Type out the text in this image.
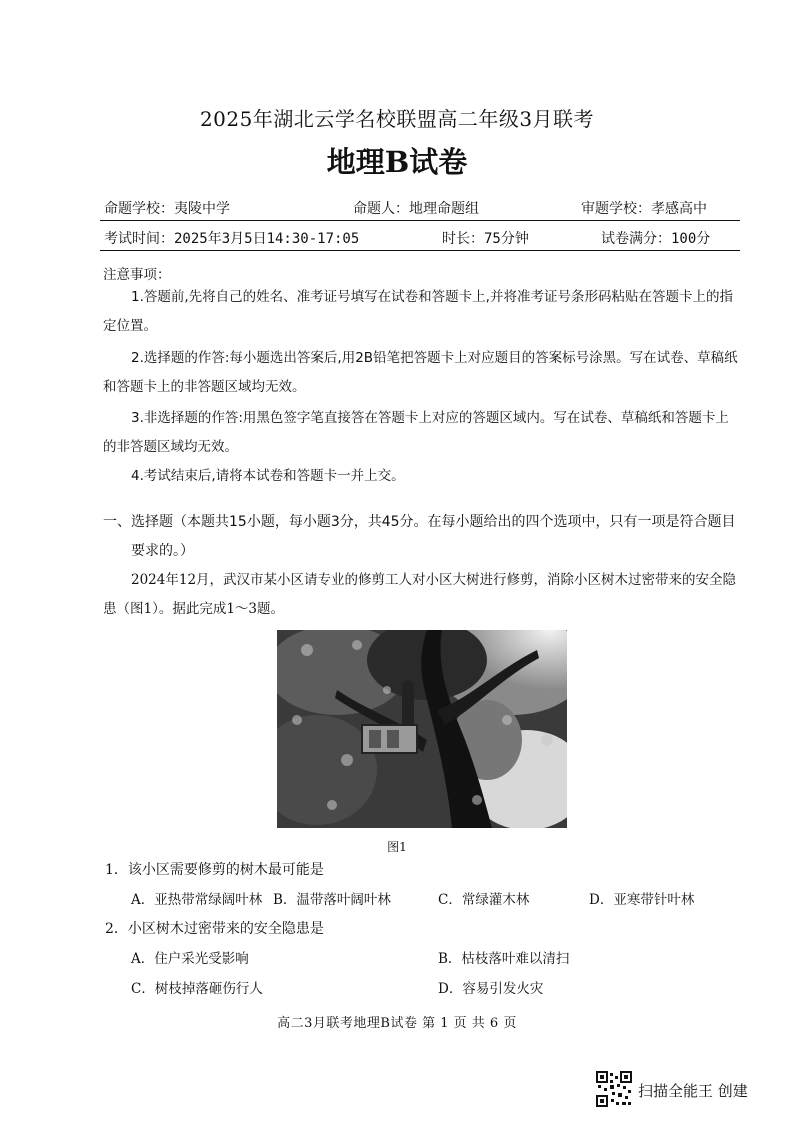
2025年湖北云学名校联盟高二年级3月联考
地理B试卷
命题学校：夷陵中学	命题人：地理命题组	审题学校：孝感高中
考试时间：2025年3月5日14:30-17:05	时长：75分钟	试卷满分：100分
注意事项：
1.答题前,先将自己的姓名、准考证号填写在试卷和答题卡上,并将准考证号条形码粘贴在答题卡上的指定位置。
2.选择题的作答:每小题选出答案后,用2B铅笔把答题卡上对应题目的答案标号涂黑。写在试卷、草稿纸和答题卡上的非答题区域均无效。
3.非选择题的作答:用黑色签字笔直接答在答题卡上对应的答题区域内。写在试卷、草稿纸和答题卡上的非答题区域均无效。
4.考试结束后,请将本试卷和答题卡一并上交。
一、选择题（本题共15小题，每小题3分，共45分。在每小题给出的四个选项中，只有一项是符合题目要求的。）
2024年12月，武汉市某小区请专业的修剪工人对小区大树进行修剪，消除小区树木过密带来的安全隐患（图1）。据此完成1～3题。
图1
1．该小区需要修剪的树木最可能是
A．亚热带常绿阔叶林 B．温带落叶阔叶林	C．常绿灌木林	D．亚寒带针叶林
2．小区树木过密带来的安全隐患是
A．住户采光受影响	B．枯枝落叶难以清扫
C．树枝掉落砸伤行人	D．容易引发火灾
高二3月联考地理B试卷 第 1 页 共 6 页
扫描全能王 创建
